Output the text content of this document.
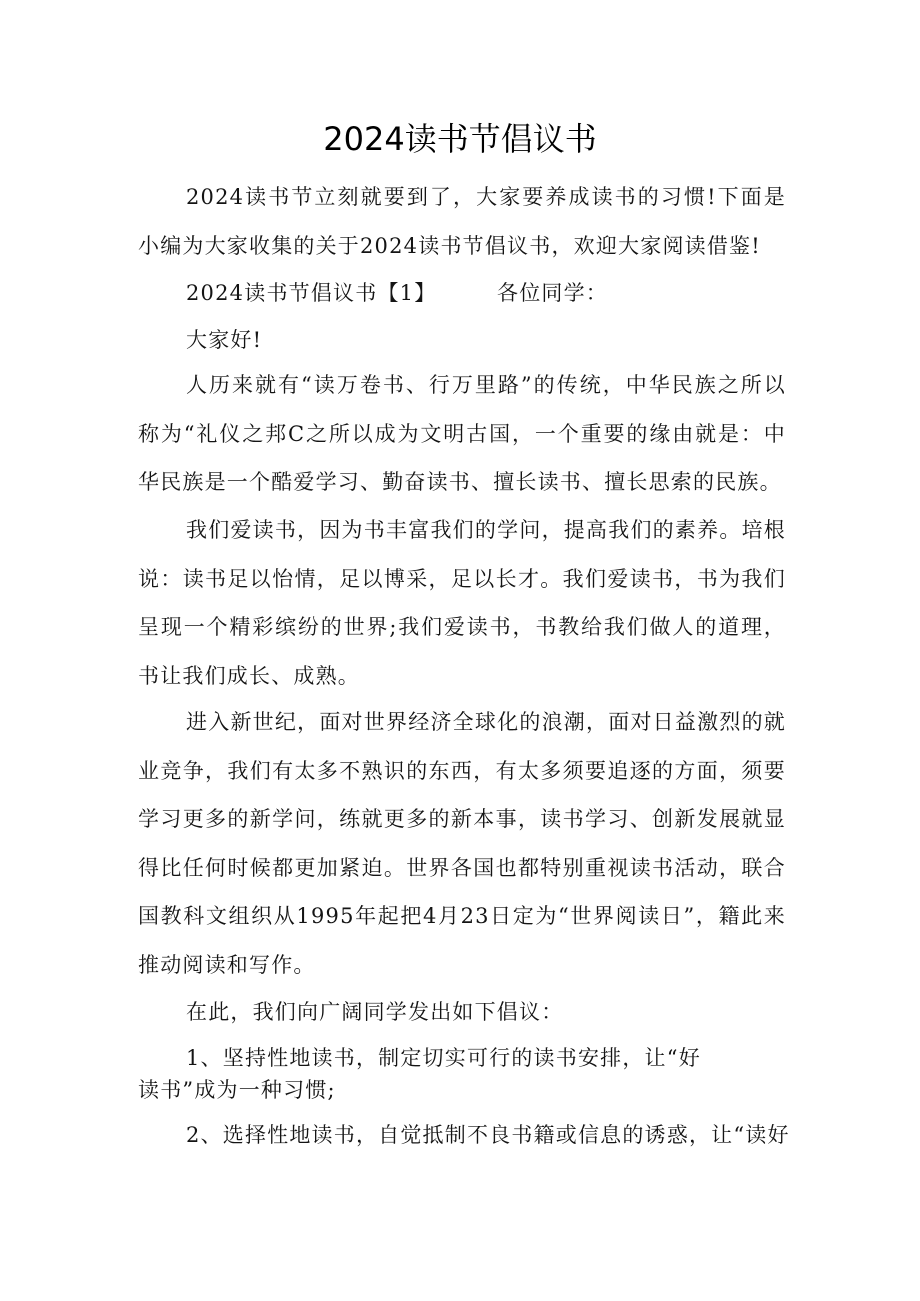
2024读书节倡议书

2024读书节立刻就要到了，大家要养成读书的习惯!下面是小编为大家收集的关于2024读书节倡议书，欢迎大家阅读借鉴!

2024读书节倡议书【1】	各位同学：
大家好!

人历来就有“读万卷书、行万里路”的传统，中华民族之所以称为“礼仪之邦C之所以成为文明古国，一个重要的缘由就是：中华民族是一个酷爱学习、勤奋读书、擅长读书、擅长思索的民族。

我们爱读书，因为书丰富我们的学问，提高我们的素养。培根说：读书足以怡情，足以博采，足以长才。我们爱读书，书为我们呈现一个精彩缤纷的世界;我们爱读书，书教给我们做人的道理，书让我们成长、成熟。

进入新世纪，面对世界经济全球化的浪潮，面对日益激烈的就业竞争，我们有太多不熟识的东西，有太多须要追逐的方面，须要学习更多的新学问，练就更多的新本事，读书学习、创新发展就显得比任何时候都更加紧迫。世界各国也都特别重视读书活动，联合国教科文组织从1995年起把4月23日定为“世界阅读日”，籍此来推动阅读和写作。

在此，我们向广阔同学发出如下倡议：

1、坚持性地读书，制定切实可行的读书安排，让“好
读书”成为一种习惯;
2、选择性地读书，自觉抵制不良书籍或信息的诱惑，让“读好
